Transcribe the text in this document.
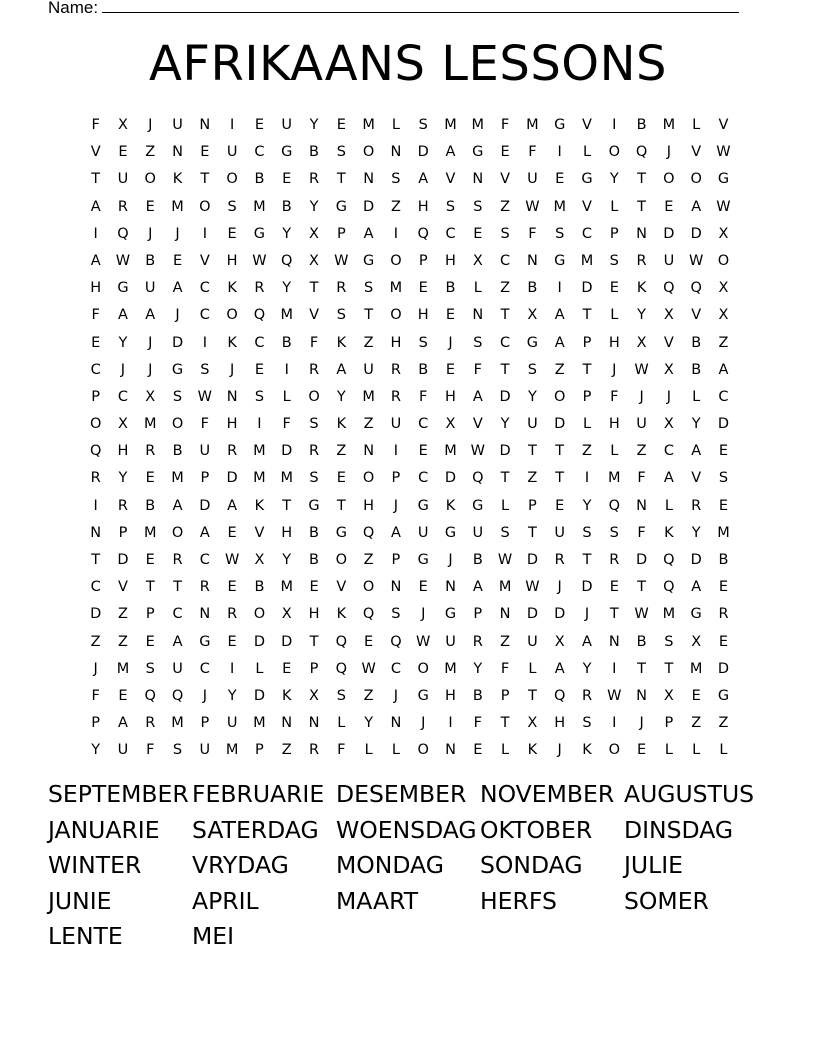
Name:
AFRIKAANS LESSONS
F	X	J	U	N	I	E	U	Y	E	M	L	S	M	M	F	M	G	V	I	B	M	L	V
V	E	Z	N	E	U	C	G	B	S	O	N	D	A	G	E	F	I	L	O	Q	J	V	W
T	U	O	K	T	O	B	E	R	T	N	S	A	V	N	V	U	E	G	Y	T	O	O	G
A	R	E	M	O	S	M	B	Y	G	D	Z	H	S	S	Z	W M	V	L	T	E	A	W
I	Q	J	J	I	E	G	Y	X	P	A	I	Q	C	E	S	F	S	C	P	N	D	D	X
A	W	B	E	V	H	W Q	X	W	G	O	P	H	X	C	N	G	M	S	R	U	W O
H	G	U	A	C	K	R	Y	T	R	S	M	E	B	L	Z	B	I	D	E	K	Q	Q	X
F	A	A	J	C	O	Q	M	V	S	T	O	H	E	N	T	X	A	T	L	Y	X	V	X
E	Y	J	D	I	K	C	B	F	K	Z	H	S	J	S	C	G	A	P	H	X	V	B	Z
C	J	J	G	S	J	E	I	R	A	U	R	B	E	F	T	S	Z	T	J	W	X	B	A
P	C	X	S	W	N	S	L	O	Y	M	R	F	H	A	D	Y	O	P	F	J	J	L	C
O	X	M	O	F	H	I	F	S	K	Z	U	C	X	V	Y	U	D	L	H	U	X	Y	D
Q	H	R	B	U	R	M	D	R	Z	N	I	E	M W	D	T	T	Z	L	Z	C	A	E
R	Y	E	M	P	D	M	M	S	E	O	P	C	D	Q	T	Z	T	I	M	F	A	V	S
I	R	B	A	D	A	K	T	G	T	H	J	G	K	G	L	P	E	Y	Q	N	L	R	E
N	P	M	O	A	E	V	H	B	G	Q	A	U	G	U	S	T	U	S	S	F	K	Y	M
T	D	E	R	C	W	X	Y	B	O	Z	P	G	J	B	W	D	R	T	R	D	Q	D	B
C	V	T	T	R	E	B	M	E	V	O	N	E	N	A	M W	J	D	E	T	Q	A	E
D	Z	P	C	N	R	O	X	H	K	Q	S	J	G	P	N	D	D	J	T	W M	G	R
Z	Z	E	A	G	E	D	D	T	Q	E	Q W	U	R	Z	U	X	A	N	B	S	X	E
J	M	S	U	C	I	L	E	P	Q W	C	O	M	Y	F	L	A	Y	I	T	T	M	D
F	E	Q	Q	J	Y	D	K	X	S	Z	J	G	H	B	P	T	Q	R	W	N	X	E	G
P	A	R	M	P	U	M	N	N	L	Y	N	J	I	F	T	X	H	S	I	J	P	Z	Z
Y	U	F	S	U	M	P	Z	R	F	L	L	O	N	E	L	K	J	K	O	E	L	L	L
SEPTEMBER FEBRUARIE DESEMBER NOVEMBER AUGUSTUS
JANUARIE	SATERDAG WOENSDAG OKTOBER	DINSDAG
WINTER	VRYDAG	MONDAG	SONDAG	JULIE
JUNIE	APRIL	MAART	HERFS	SOMER
LENTE	MEI
